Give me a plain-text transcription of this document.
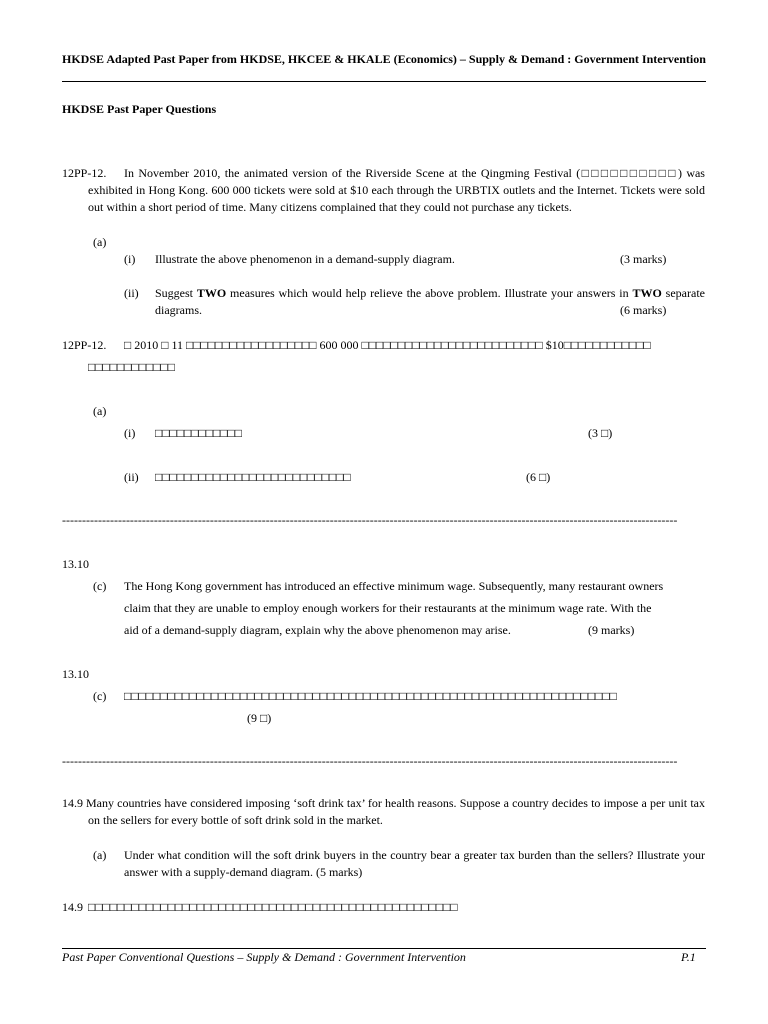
HKDSE Adapted Past Paper from HKDSE, HKCEE & HKALE (Economics) – Supply & Demand : Government Intervention
HKDSE Past Paper Questions
12PP-12.	In November 2010, the animated version of the Riverside Scene at the Qingming Festival (□□□□□□□□□□) was exhibited in Hong Kong. 600 000 tickets were sold at $10 each through the URBTIX outlets and the Internet. Tickets were sold out within a short period of time. Many citizens complained that they could not purchase any tickets.
(a)
(i) Illustrate the above phenomenon in a demand-supply diagram.	(3 marks)
(ii) Suggest TWO measures which would help relieve the above problem. Illustrate your answers in TWO separate diagrams.	(6 marks)
12PP-12. □ 2010 □ 11 □□□□□□□□□□□□□□□□□□ 600 000 □□□□□□□□□□□□□□□□□□□□□□□□□ $10□□□□□□□□□□□□
□□□□□□□□□□□□
(a)
(i) □□□□□□□□□□□□	(3 □)
(ii) □□□□□□□□□□□□□□□□□□□□□□□□□□□	(6 □)
----------------------------------------------------------------------------------------------------------------------------------------------------------
13.10
(c) The Hong Kong government has introduced an effective minimum wage. Subsequently, many restaurant owners
claim that they are unable to employ enough workers for their restaurants at the minimum wage rate. With the
aid of a demand-supply diagram, explain why the above phenomenon may arise.	(9 marks)
13.10
(c) □□□□□□□□□□□□□□□□□□□□□□□□□□□□□□□□□□□□□□□□□□□□□□□□□□□□□□□□□□□□□□□□□□□□
(9 □)
----------------------------------------------------------------------------------------------------------------------------------------------------------
14.9 Many countries have considered imposing ‘soft drink tax’ for health reasons. Suppose a country decides to impose a per unit tax on the sellers for every bottle of soft drink sold in the market.
(a) Under what condition will the soft drink buyers in the country bear a greater tax burden than the sellers? Illustrate your answer with a supply-demand diagram. (5 marks)
14.9 □□□□□□□□□□□□□□□□□□□□□□□□□□□□□□□□□□□□□□□□□□□□□□□□□□□
Past Paper Conventional Questions – Supply & Demand : Government Intervention	P.1
